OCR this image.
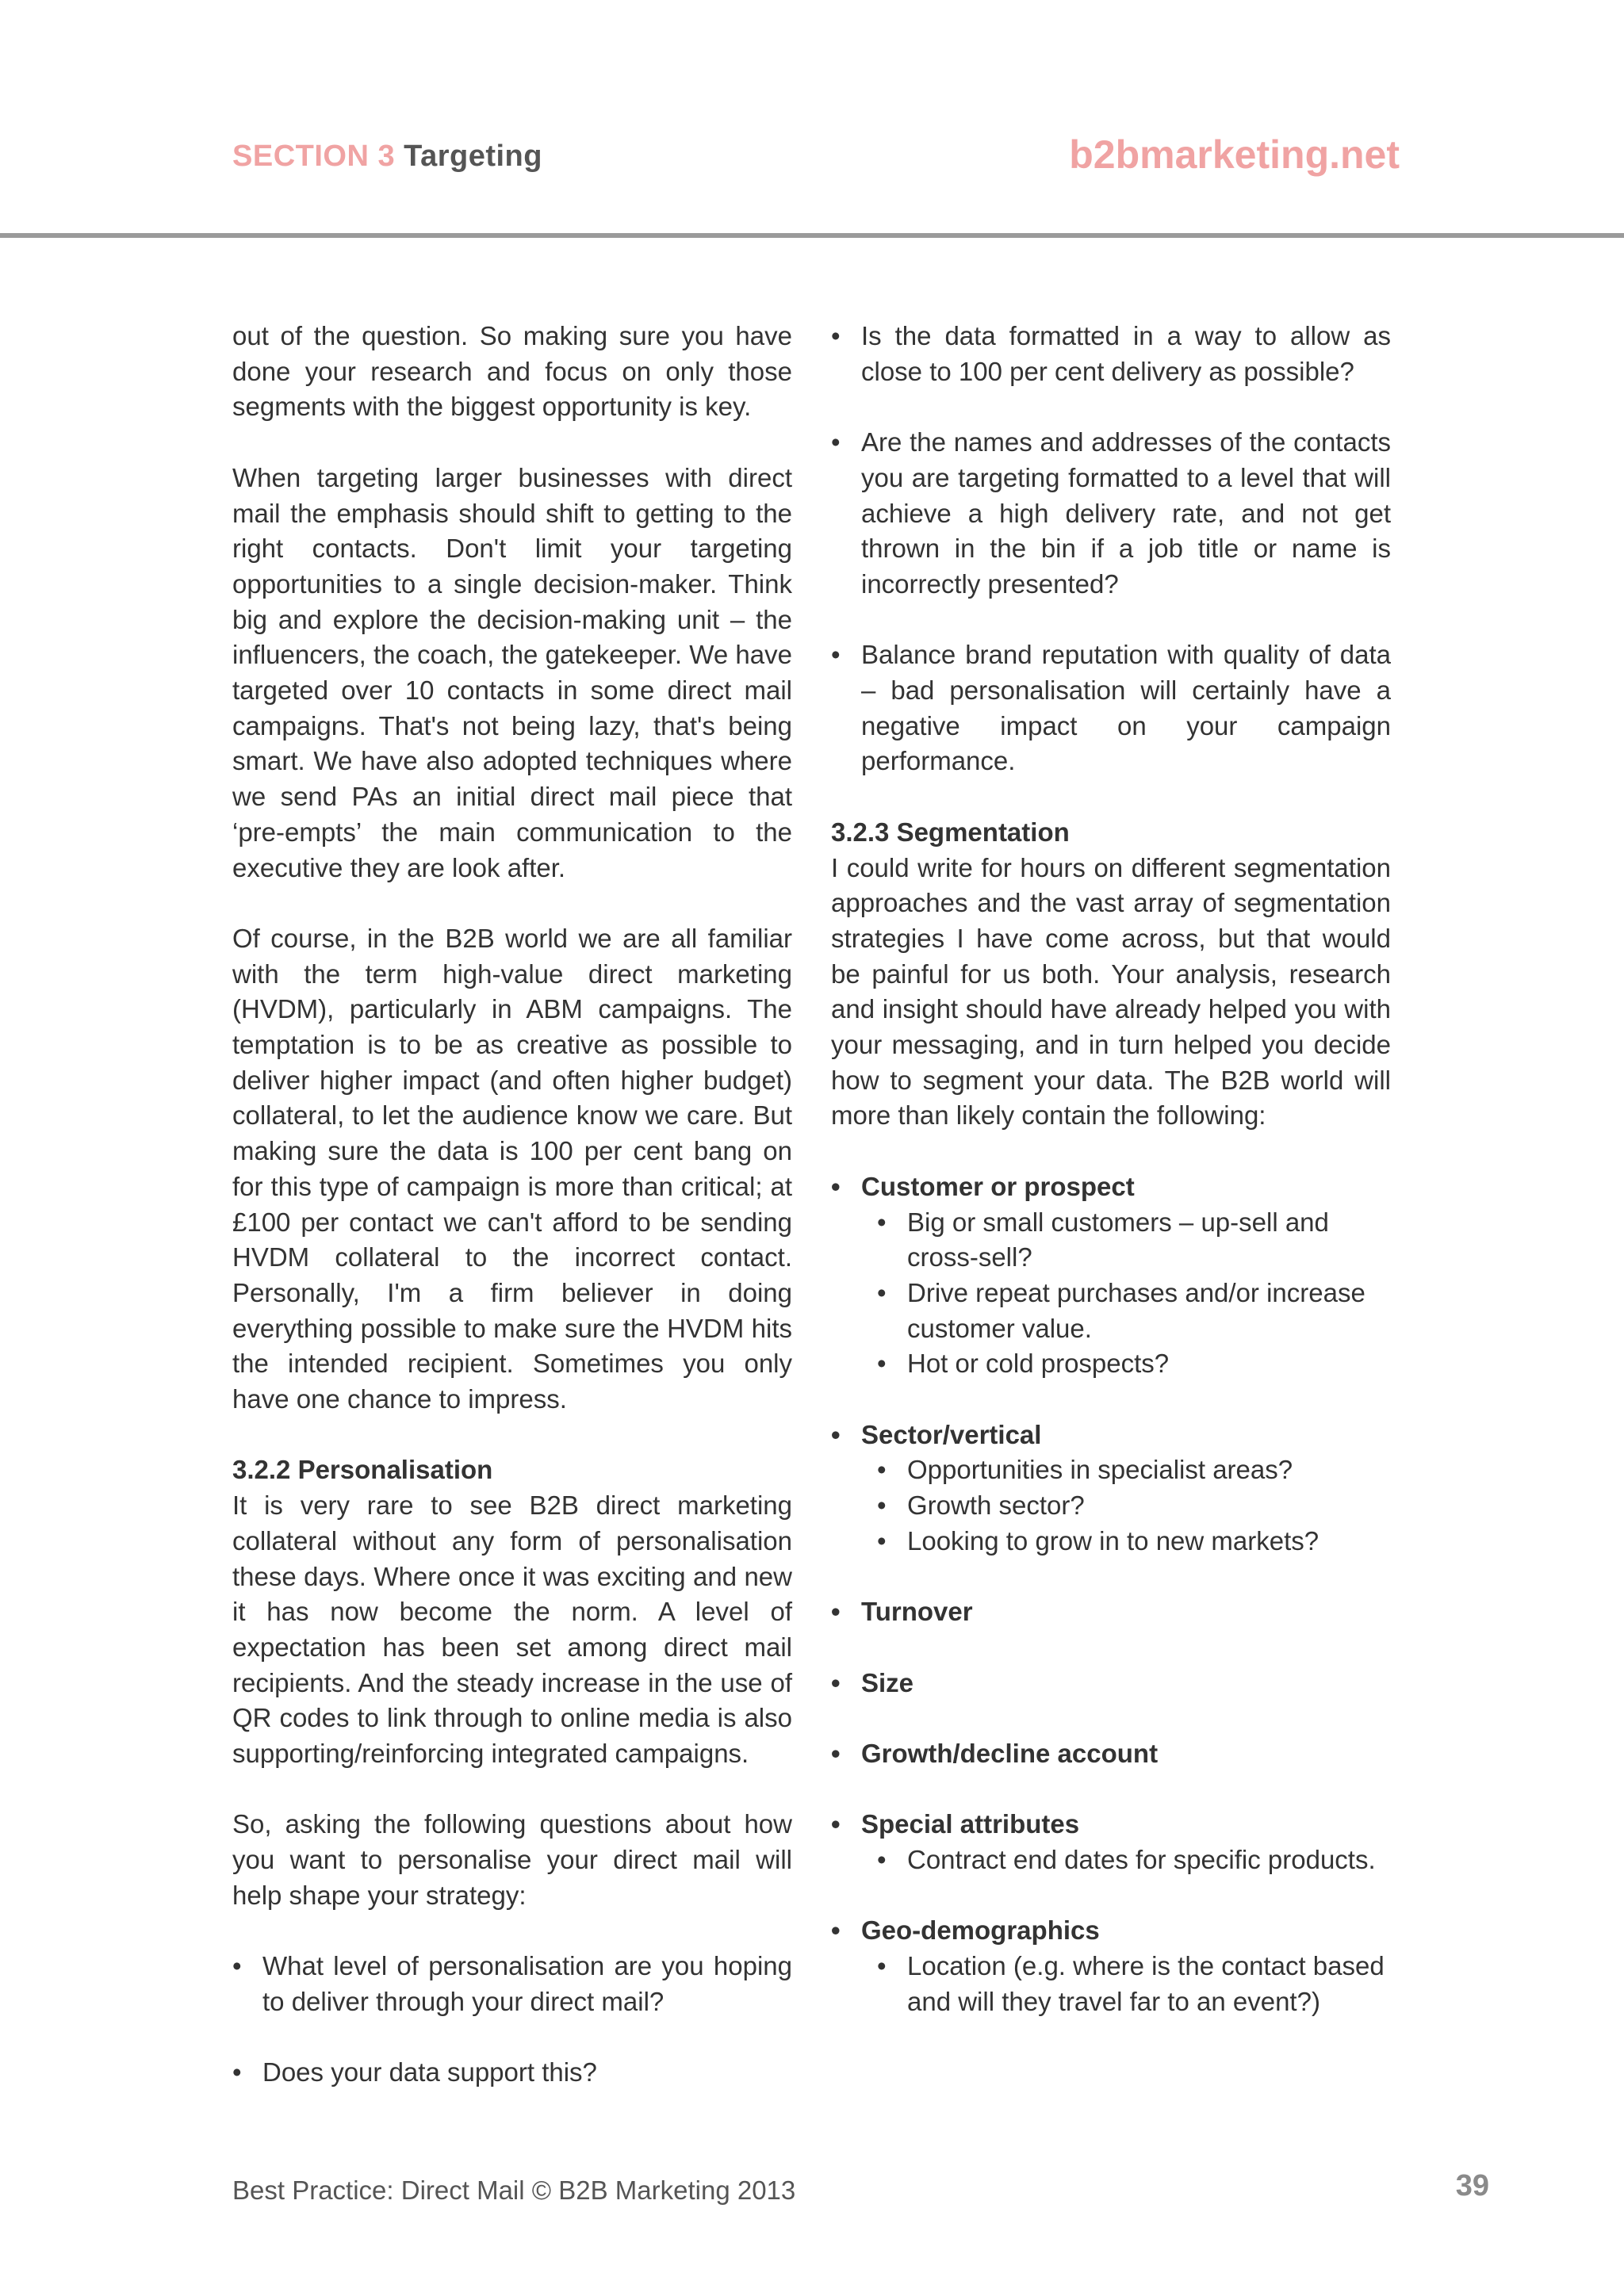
SECTION 3 Targeting	b2bmarketing.net

out of the question. So making sure you have done your research and focus on only those segments with the biggest opportunity is key.

When targeting larger businesses with direct mail the emphasis should shift to getting to the right contacts. Don't limit your targeting opportunities to a single decision-maker. Think big and explore the decision-making unit – the influencers, the coach, the gatekeeper. We have targeted over 10 contacts in some direct mail campaigns. That's not being lazy, that's being smart. We have also adopted techniques where we send PAs an initial direct mail piece that ‘pre-empts’ the main communication to the executive they are look after.

Of course, in the B2B world we are all familiar with the term high-value direct marketing (HVDM), particularly in ABM campaigns. The temptation is to be as creative as possible to deliver higher impact (and often higher budget) collateral, to let the audience know we care. But making sure the data is 100 per cent bang on for this type of campaign is more than critical; at £100 per contact we can't afford to be sending HVDM collateral to the incorrect contact. Personally, I'm a firm believer in doing everything possible to make sure the HVDM hits the intended recipient. Sometimes you only have one chance to impress.

3.2.2 Personalisation

It is very rare to see B2B direct marketing collateral without any form of personalisation these days. Where once it was exciting and new it has now become the norm. A level of expectation has been set among direct mail recipients. And the steady increase in the use of QR codes to link through to online media is also supporting/reinforcing integrated campaigns.

So, asking the following questions about how you want to personalise your direct mail will help shape your strategy:

• What level of personalisation are you hoping to deliver through your direct mail?
• Does your data support this?
• Is the data formatted in a way to allow as close to 100 per cent delivery as possible?
• Are the names and addresses of the contacts you are targeting formatted to a level that will achieve a high delivery rate, and not get thrown in the bin if a job title or name is incorrectly presented?
• Balance brand reputation with quality of data – bad personalisation will certainly have a negative impact on your campaign performance.
3.2.3 Segmentation

I could write for hours on different segmentation approaches and the vast array of segmentation strategies I have come across, but that would be painful for us both. Your analysis, research and insight should have already helped you with your messaging, and in turn helped you decide how to segment your data. The B2B world will more than likely contain the following:

• Customer or prospect
• Big or small customers – up-sell and cross-sell?
• Drive repeat purchases and/or increase customer value.
• Hot or cold prospects?
• Sector/vertical
• Opportunities in specialist areas?
• Growth sector?
• Looking to grow in to new markets?
• Turnover
• Size
• Growth/decline account
• Special attributes
• Contract end dates for specific products.
• Geo-demographics
• Location (e.g. where is the contact based and will they travel far to an event?)
Best Practice: Direct Mail © B2B Marketing 2013	39
